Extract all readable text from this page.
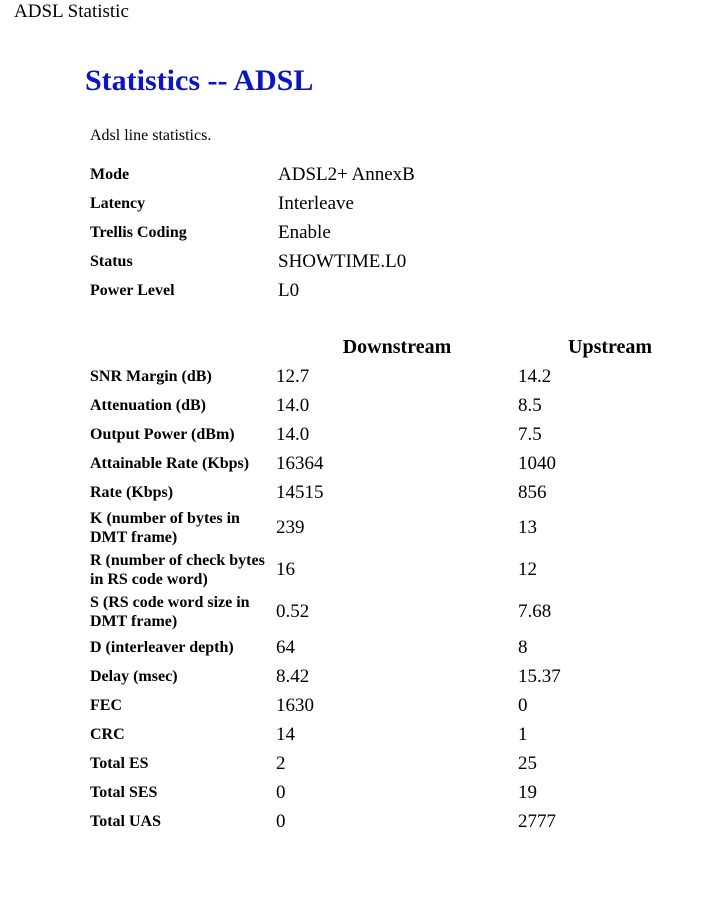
ADSL Statistic
Statistics -- ADSL
Adsl line statistics.
Mode	ADSL2+ AnnexB
Latency	Interleave
Trellis Coding	Enable
Status	SHOWTIME.L0
Power Level	L0
	Downstream	Upstream
SNR Margin (dB)	12.7	14.2
Attenuation (dB)	14.0	8.5
Output Power (dBm)	14.0	7.5
Attainable Rate (Kbps)	16364	1040
Rate (Kbps)	14515	856
K (number of bytes in DMT frame)	239	13
R (number of check bytes in RS code word)	16	12
S (RS code word size in DMT frame)	0.52	7.68
D (interleaver depth)	64	8
Delay (msec)	8.42	15.37
FEC	1630	0
CRC	14	1
Total ES	2	25
Total SES	0	19
Total UAS	0	2777
